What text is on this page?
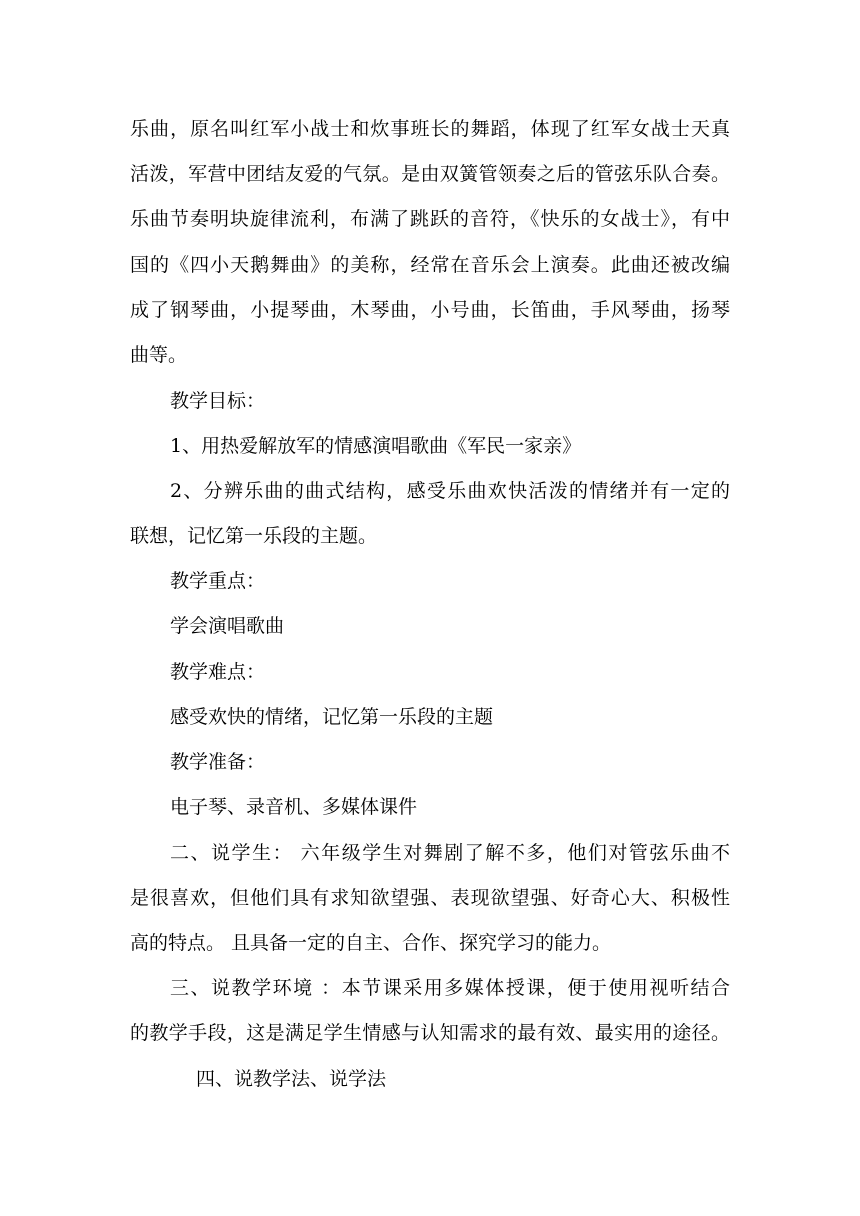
乐曲，原名叫红军小战士和炊事班长的舞蹈，体现了红军女战士天真
活泼，军营中团结友爱的气氛。是由双簧管领奏之后的管弦乐队合奏。
乐曲节奏明块旋律流利，布满了跳跃的音符，《快乐的女战士》，有中
国的《四小天鹅舞曲》的美称，经常在音乐会上演奏。此曲还被改编
成了钢琴曲，小提琴曲，木琴曲，小号曲，长笛曲，手风琴曲，扬琴
曲等。
教学目标：
1、用热爱解放军的情感演唱歌曲《军民一家亲》
2、分辨乐曲的曲式结构，感受乐曲欢快活泼的情绪并有一定的
联想，记忆第一乐段的主题。
教学重点：
学会演唱歌曲
教学难点：
感受欢快的情绪，记忆第一乐段的主题
教学准备：
电子琴、录音机、多媒体课件
二、说学生： 六年级学生对舞剧了解不多，他们对管弦乐曲不
是很喜欢，但他们具有求知欲望强、表现欲望强、好奇心大、积极性
高的特点。 且具备一定的自主、合作、探究学习的能力。
三、说教学环境 ：本节课采用多媒体授课，便于使用视听结合
的教学手段，这是满足学生情感与认知需求的最有效、最实用的途径。
四、说教学法、说学法
